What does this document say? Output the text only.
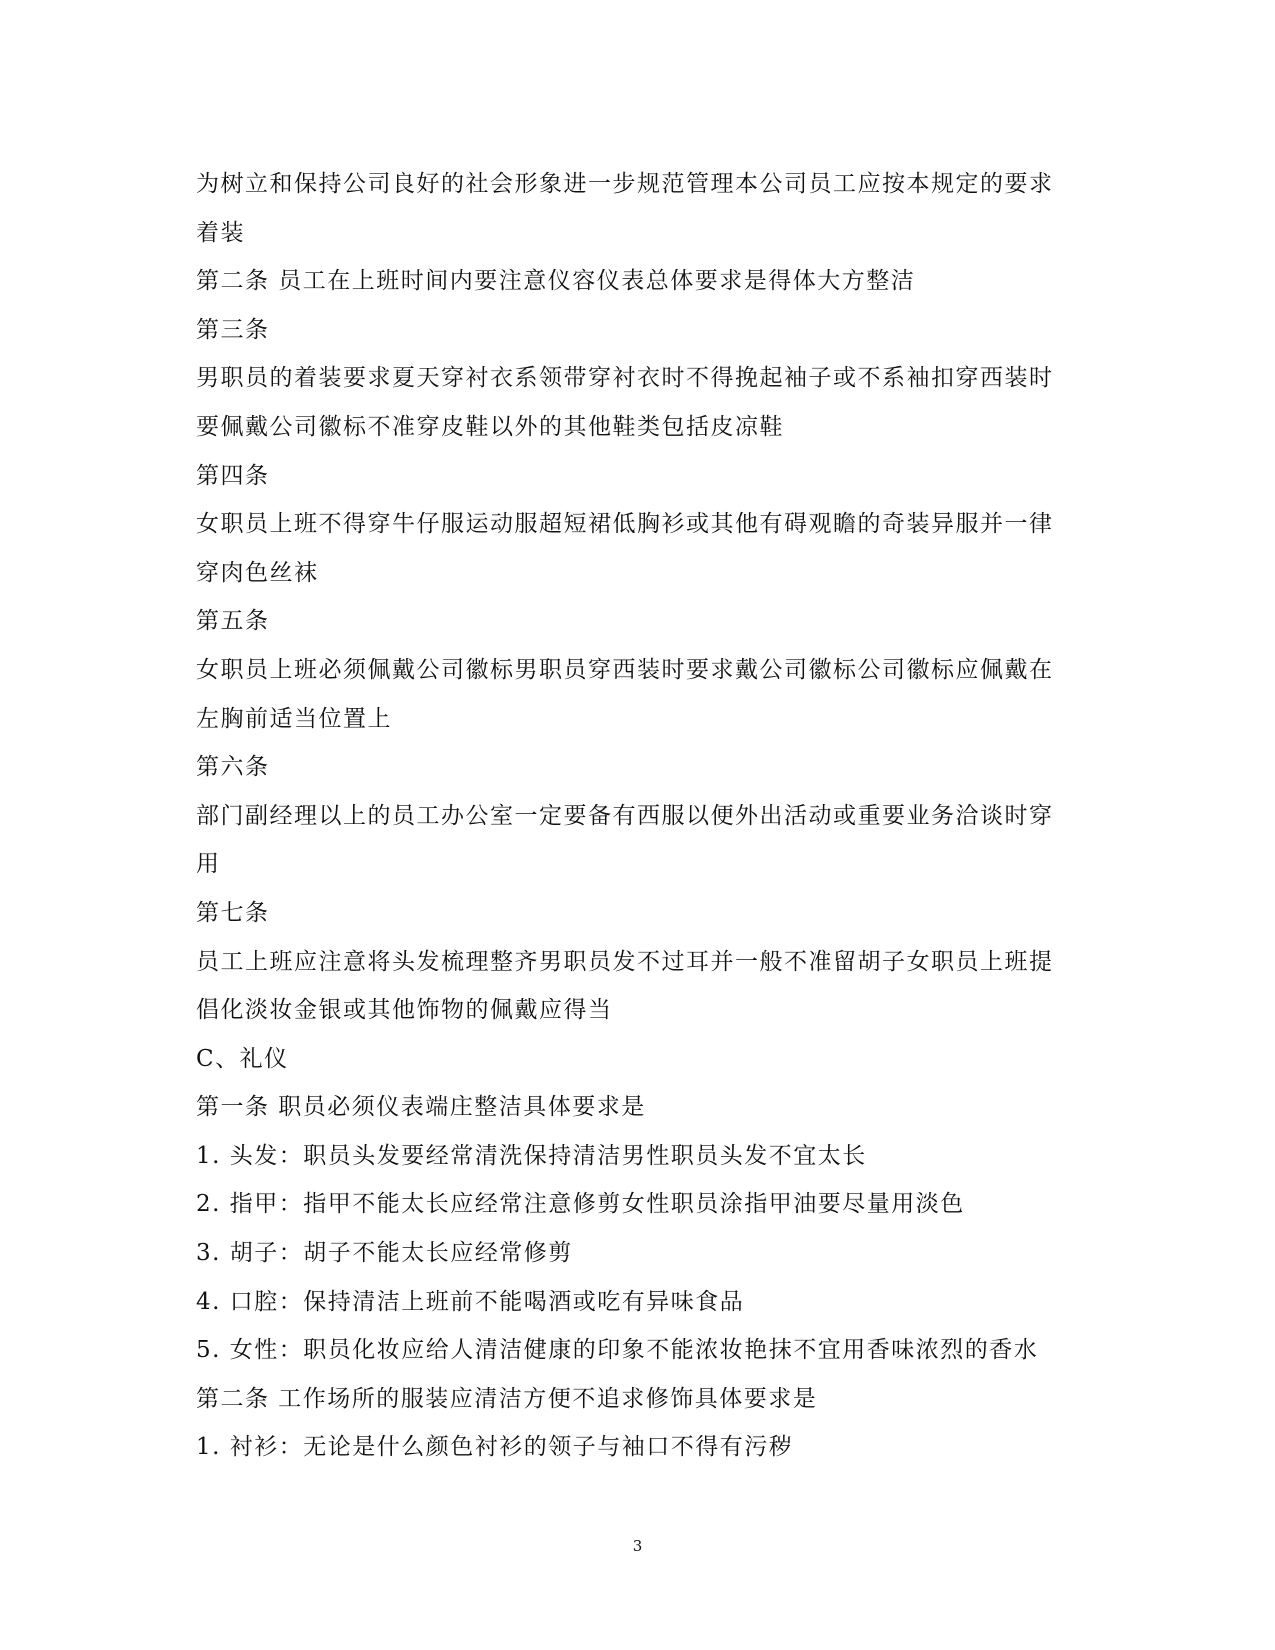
为树立和保持公司良好的社会形象进一步规范管理本公司员工应按本规定的要求
着装
第二条 员工在上班时间内要注意仪容仪表总体要求是得体大方整洁
第三条
男职员的着装要求夏天穿衬衣系领带穿衬衣时不得挽起袖子或不系袖扣穿西装时
要佩戴公司徽标不准穿皮鞋以外的其他鞋类包括皮凉鞋
第四条
女职员上班不得穿牛仔服运动服超短裙低胸衫或其他有碍观瞻的奇装异服并一律
穿肉色丝袜
第五条
女职员上班必须佩戴公司徽标男职员穿西装时要求戴公司徽标公司徽标应佩戴在
左胸前适当位置上
第六条
部门副经理以上的员工办公室一定要备有西服以便外出活动或重要业务洽谈时穿
用
第七条
员工上班应注意将头发梳理整齐男职员发不过耳并一般不准留胡子女职员上班提
倡化淡妆金银或其他饰物的佩戴应得当
C、礼仪
第一条 职员必须仪表端庄整洁具体要求是
1. 头发：职员头发要经常清洗保持清洁男性职员头发不宜太长
2. 指甲：指甲不能太长应经常注意修剪女性职员涂指甲油要尽量用淡色
3. 胡子：胡子不能太长应经常修剪
4. 口腔：保持清洁上班前不能喝酒或吃有异味食品
5. 女性：职员化妆应给人清洁健康的印象不能浓妆艳抹不宜用香味浓烈的香水
第二条 工作场所的服装应清洁方便不追求修饰具体要求是
1. 衬衫：无论是什么颜色衬衫的领子与袖口不得有污秽
3
